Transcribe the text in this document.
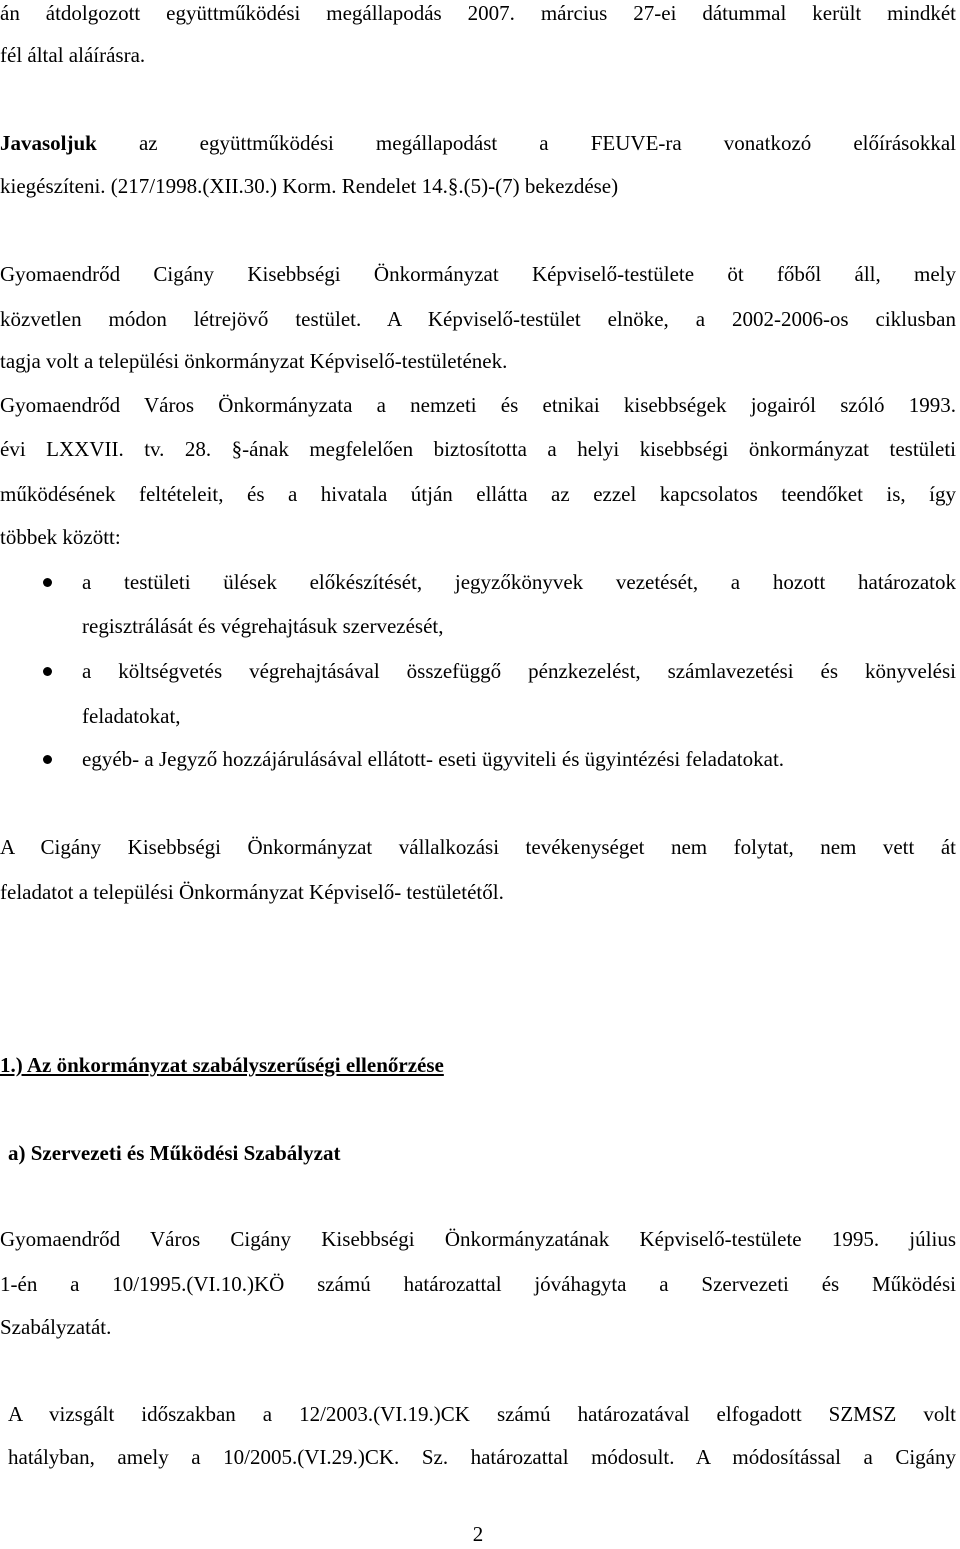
án átdolgozott együttműködési megállapodás 2007. március 27-ei dátummal került mindkét

fél által aláírásra.

Javasoljuk az együttműködési megállapodást a FEUVE-ra vonatkozó előírásokkal

kiegészíteni. (217/1998.(XII.30.) Korm. Rendelet 14.§.(5)-(7) bekezdése)

Gyomaendrőd Cigány Kisebbségi Önkormányzat Képviselő-testülete öt főből áll, mely

közvetlen módon létrejövő testület. A Képviselő-testület elnöke, a 2002-2006-os ciklusban

tagja volt a települési önkormányzat Képviselő-testületének.

Gyomaendrőd Város Önkormányzata a nemzeti és etnikai kisebbségek jogairól szóló 1993.

évi LXXVII. tv. 28. §-ának megfelelően biztosította a helyi kisebbségi önkormányzat testületi

működésének feltételeit, és a hivatala útján ellátta az ezzel kapcsolatos teendőket is, így

többek között:

a testületi ülések előkészítését, jegyzőkönyvek vezetését, a hozott határozatok

regisztrálását és végrehajtásuk szervezését,

a költségvetés végrehajtásával összefüggő pénzkezelést, számlavezetési és könyvelési

feladatokat,

egyéb- a Jegyző hozzájárulásával ellátott- eseti ügyviteli és ügyintézési feladatokat.

A Cigány Kisebbségi Önkormányzat vállalkozási tevékenységet nem folytat, nem vett át

feladatot a települési Önkormányzat Képviselő- testületétől.

1.) Az önkormányzat szabályszerűségi ellenőrzése

a) Szervezeti és Működési Szabályzat

Gyomaendrőd Város Cigány Kisebbségi Önkormányzatának Képviselő-testülete 1995. július

1-én a 10/1995.(VI.10.)KÖ számú határozattal jóváhagyta a Szervezeti és Működési

Szabályzatát.

A vizsgált időszakban a 12/2003.(VI.19.)CK számú határozatával elfogadott SZMSZ volt

hatályban, amely a 10/2005.(VI.29.)CK. Sz. határozattal módosult. A módosítással a Cigány

2
